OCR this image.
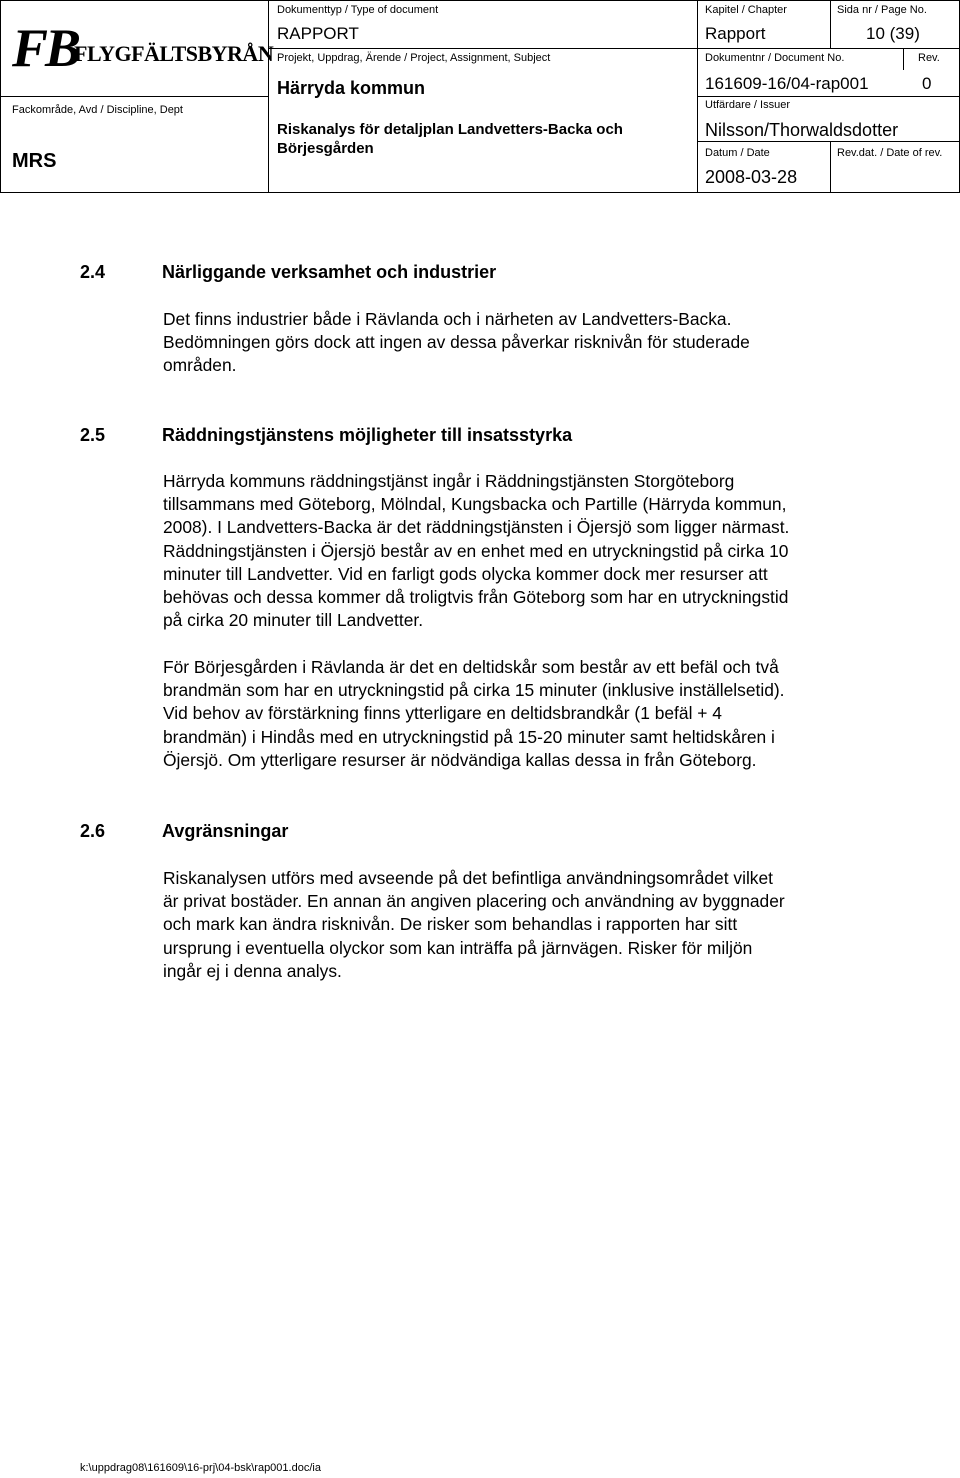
FB
FLYGFÄLTSBYRÅN
Fackområde, Avd / Discipline, Dept
MRS
Dokumenttyp / Type of document
RAPPORT
Kapitel / Chapter
Rapport
Sida nr / Page No.
10 (39)
Projekt, Uppdrag, Ärende / Project, Assignment, Subject
Härryda kommun
Riskanalys för detaljplan Landvetters-Backa och Börjesgården
Dokumentnr / Document No.
161609-16/04-rap001
Rev.
0
Utfärdare / Issuer
Nilsson/Thorwaldsdotter
Datum / Date
2008-03-28
Rev.dat. / Date of rev.
2.4	Närliggande verksamhet och industrier
Det finns industrier både i Rävlanda och i närheten av Landvetters-Backa.
Bedömningen görs dock att ingen av dessa påverkar risknivån för studerade
områden.
2.5	Räddningstjänstens möjligheter till insatsstyrka
Härryda kommuns räddningstjänst ingår i Räddningstjänsten Storgöteborg
tillsammans med Göteborg, Mölndal, Kungsbacka och Partille (Härryda kommun,
2008). I Landvetters-Backa är det räddningstjänsten i Öjersjö som ligger närmast.
Räddningstjänsten i Öjersjö består av en enhet med en utryckningstid på cirka 10
minuter till Landvetter. Vid en farligt gods olycka kommer dock mer resurser att
behövas och dessa kommer då troligtvis från Göteborg som har en utryckningstid
på cirka 20 minuter till Landvetter.
För Börjesgården i Rävlanda är det en deltidskår som består av ett befäl och två
brandmän som har en utryckningstid på cirka 15 minuter (inklusive inställelsetid).
Vid behov av förstärkning finns ytterligare en deltidsbrandkår (1 befäl + 4
brandmän) i Hindås med en utryckningstid på 15-20 minuter samt heltidskåren i
Öjersjö. Om ytterligare resurser är nödvändiga kallas dessa in från Göteborg.
2.6	Avgränsningar
Riskanalysen utförs med avseende på det befintliga användningsområdet vilket
är privat bostäder. En annan än angiven placering och användning av byggnader
och mark kan ändra risknivån. De risker som behandlas i rapporten har sitt
ursprung i eventuella olyckor som kan inträffa på järnvägen. Risker för miljön
ingår ej i denna analys.
k:\uppdrag08\161609\16-prj\04-bsk\rap001.doc/ia
